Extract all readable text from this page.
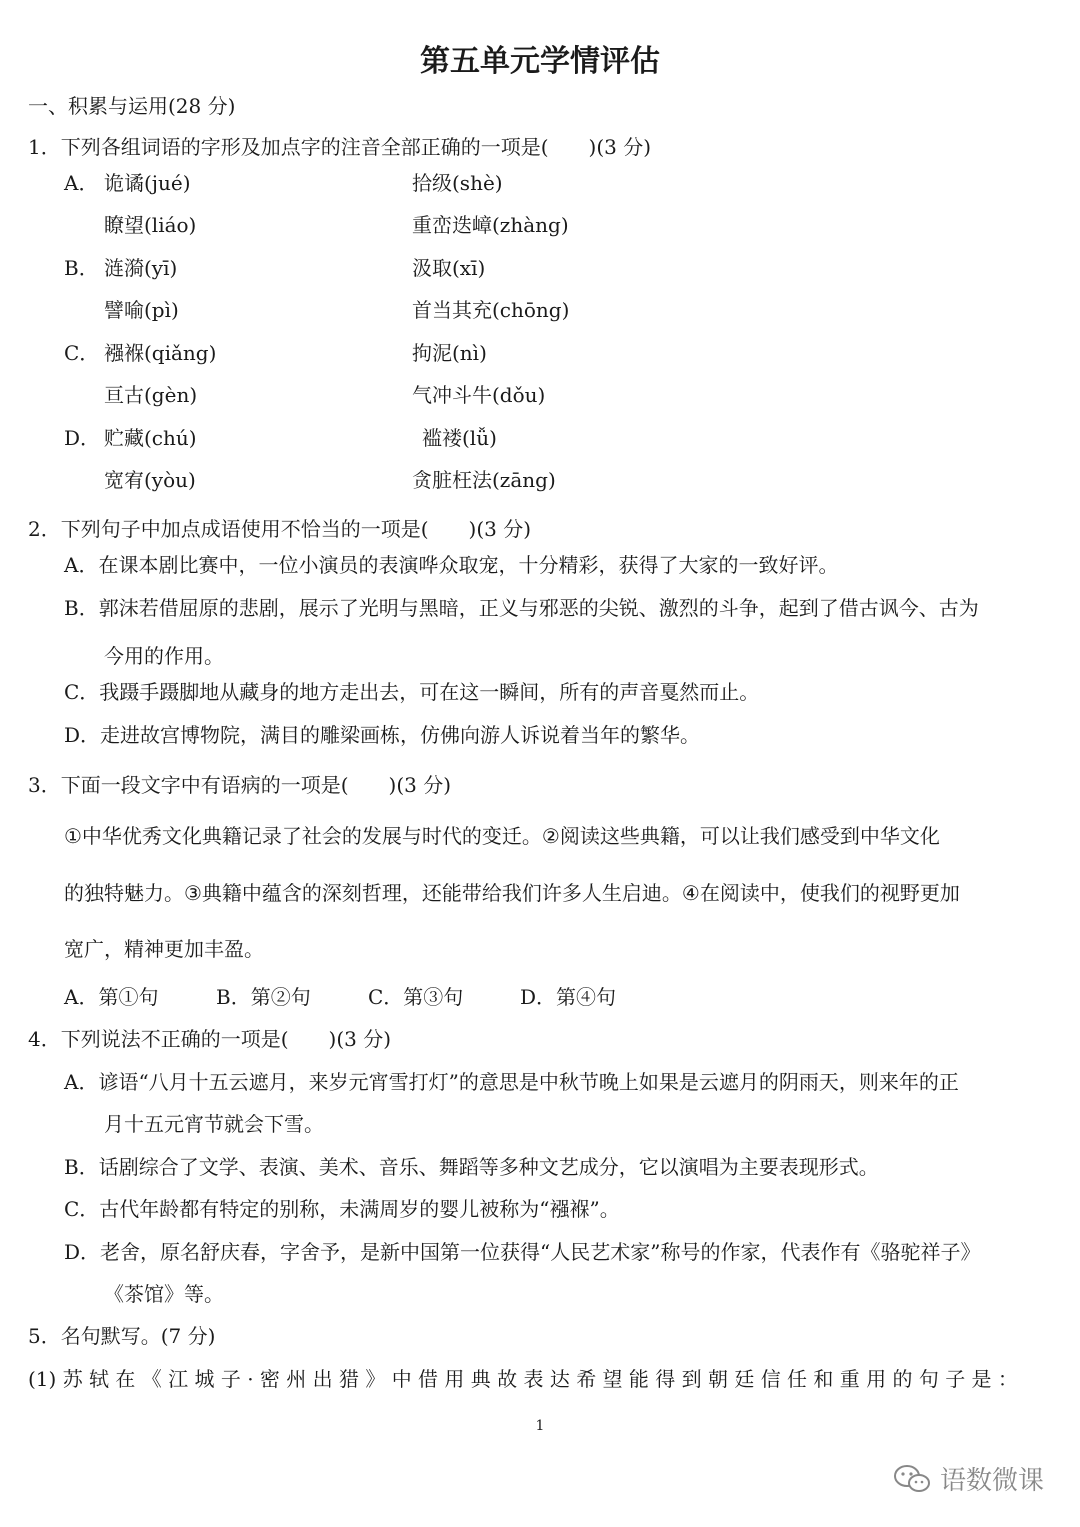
第五单元学情评估
一、积累与运用(28 分)
1．下列各组词语的字形及加点字的注音全部正确的一项是(　　)(3 分)
A． 诡谲(jué)	拾级(shè)
瞭望(liáo)	重峦迭嶂(zhàng)
B． 涟漪(yī)	汲取(xī)
譬喻(pì)	首当其充(chōng)
C． 襁褓(qiǎng)	拘泥(nì)
亘古(gèn)	气冲斗牛(dǒu)
D． 贮藏(chú)	褴褛(lǚ)
宽宥(yòu)	贪脏枉法(zāng)
2．下列句子中加点成语使用不恰当的一项是(　　)(3 分)
A．在课本剧比赛中，一位小演员的表演哗众取宠，十分精彩，获得了大家的一致好评。
B．郭沫若借屈原的悲剧，展示了光明与黑暗，正义与邪恶的尖锐、激烈的斗争，起到了借古讽今、古为
今用的作用。
C．我蹑手蹑脚地从藏身的地方走出去，可在这一瞬间，所有的声音戛然而止。
D．走进故宫博物院，满目的雕梁画栋，仿佛向游人诉说着当年的繁华。
3．下面一段文字中有语病的一项是(　　)(3 分)
①中华优秀文化典籍记录了社会的发展与时代的变迁。②阅读这些典籍，可以让我们感受到中华文化
的独特魅力。③典籍中蕴含的深刻哲理，还能带给我们许多人生启迪。④在阅读中，使我们的视野更加
宽广，精神更加丰盈。
A．第①句	B．第②句	C．第③句	D．第④句
4．下列说法不正确的一项是(　　)(3 分)
A．谚语“八月十五云遮月，来岁元宵雪打灯”的意思是中秋节晚上如果是云遮月的阴雨天，则来年的正
月十五元宵节就会下雪。
B．话剧综合了文学、表演、美术、音乐、舞蹈等多种文艺成分，它以演唱为主要表现形式。
C．古代年龄都有特定的别称，未满周岁的婴儿被称为“襁褓”。
D．老舍，原名舒庆春，字舍予，是新中国第一位获得“人民艺术家”称号的作家，代表作有《骆驼祥子》
《茶馆》等。
5．名句默写。(7 分)
(1) 苏 轼 在 《 江 城 子 · 密 州 出 猎 》 中 借 用 典 故 表 达 希 望 能 得 到 朝 廷 信 任 和 重 用 的 句 子 是 ：
1
语数微课
